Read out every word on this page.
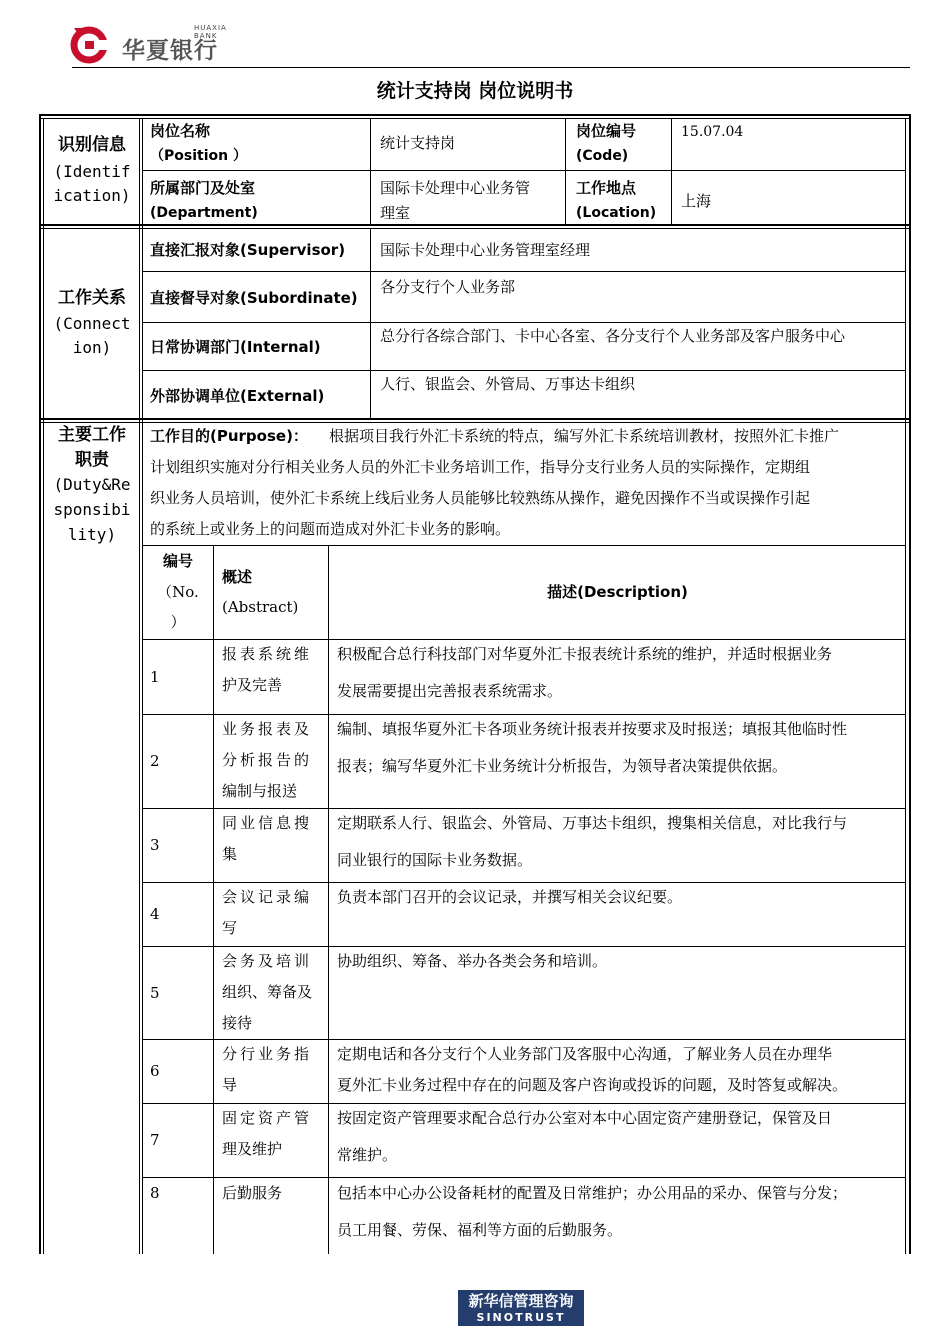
HUAXIA BANK
华夏银行
统计支持岗 岗位说明书
识别信息
(Identif
ication)
岗位名称
（Position ）
统计支持岗
岗位编号
(Code)
15.07.04
所属部门及处室
(Department)
国际卡处理中心业务管
理室
工作地点
(Location)
上海
工作关系
(Connect
ion)
直接汇报对象(Supervisor) 国际卡处理中心业务管理室经理
直接督导对象(Subordinate)
各分支行个人业务部
日常协调部门(Internal)
总分行各综合部门、卡中心各室、各分支行个人业务部及客户服务中心
外部协调单位(External)
人行、银监会、外管局、万事达卡组织
主要工作
职责
(Duty&Re
sponsibi
lity)
工作目的(Purpose)： 根据项目我行外汇卡系统的特点，编写外汇卡系统培训教材，按照外汇卡推广
计划组织实施对分行相关业务人员的外汇卡业务培训工作，指导分支行业务人员的实际操作，定期组
织业务人员培训，使外汇卡系统上线后业务人员能够比较熟练从操作，避免因操作不当或误操作引起
的系统上或业务上的问题而造成对外汇卡业务的影响。
编号
（No.
）
概述
(Abstract)
描述(Description)
1
报表系统维
护及完善
积极配合总行科技部门对华夏外汇卡报表统计系统的维护，并适时根据业务
发展需要提出完善报表系统需求。
2
业务报表及
分析报告的
编制与报送
编制、填报华夏外汇卡各项业务统计报表并按要求及时报送；填报其他临时性
报表；编写华夏外汇卡业务统计分析报告，为领导者决策提供依据。
3
同业信息搜
集
定期联系人行、银监会、外管局、万事达卡组织，搜集相关信息，对比我行与
同业银行的国际卡业务数据。
4
会议记录编
写
负责本部门召开的会议记录，并撰写相关会议纪要。
5
会务及培训
组织、筹备及
接待
协助组织、筹备、举办各类会务和培训。
6
分行业务指
导
定期电话和各分支行个人业务部门及客服中心沟通，了解业务人员在办理华
夏外汇卡业务过程中存在的问题及客户咨询或投诉的问题，及时答复或解决。
7
固定资产管
理及维护
按固定资产管理要求配合总行办公室对本中心固定资产建册登记，保管及日
常维护。
8	后勤服务	包括本中心办公设备耗材的配置及日常维护；办公用品的采办、保管与分发；
员工用餐、劳保、福利等方面的后勤服务。
新华信管理咨询
SINOTRUST
